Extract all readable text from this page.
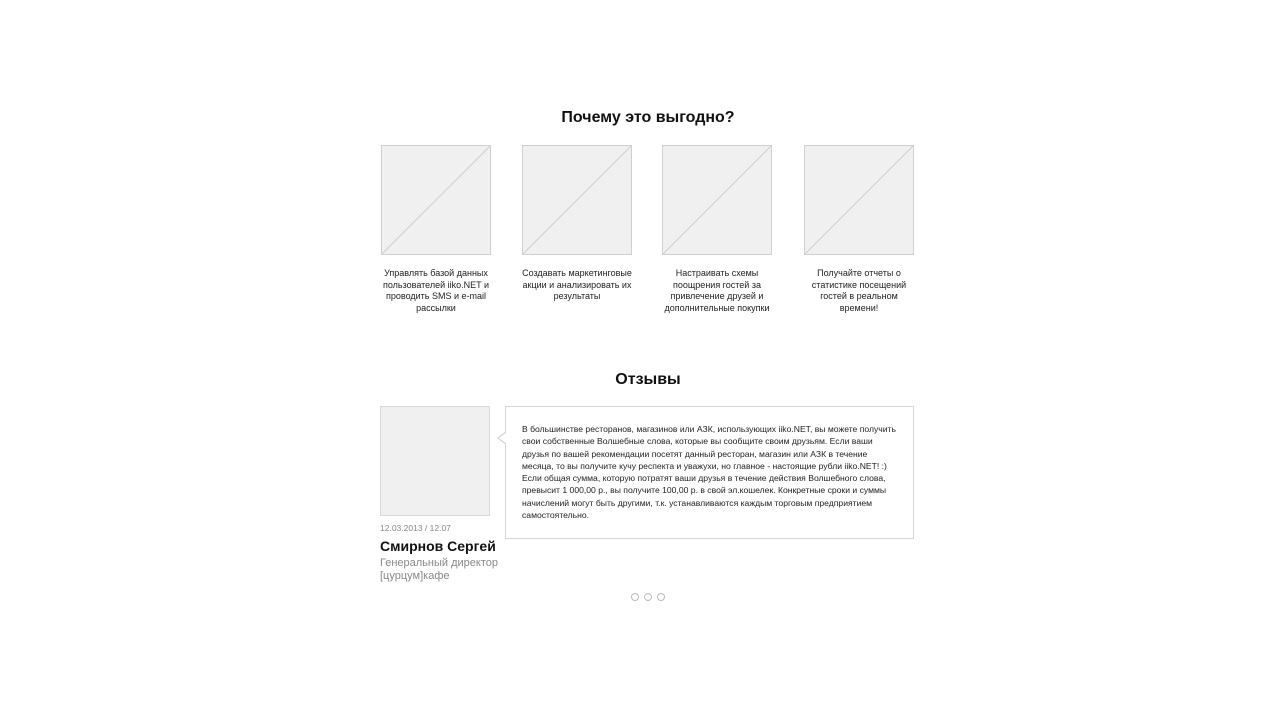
Почему это выгодно?
Управлять базой данных пользователей iiko.NET и проводить SMS и e-mail рассылки
Создавать маркетинговые акции и анализировать их результаты
Настраивать схемы поощрения гостей за привлечение друзей и дополнительные покупки
Получайте отчеты о статистике посещений гостей в реальном времени!
Отзывы
12.03.2013 / 12.07
Смирнов Сергей
Генеральный директор [цурцум]кафе

В большинстве ресторанов, магазинов или АЗК, использующих iiko.NET, вы можете получить свои собственные Волшебные слова, которые вы сообщите своим друзьям. Если ваши друзья по вашей рекомендации посетят данный ресторан, магазин или АЗК в течение месяца, то вы получите кучу респекта и уважухи, но главное - настоящие рубли iiko.NET! :) Если общая сумма, которую потратят ваши друзья в течение действия Волшебного слова, превысит 1 000,00 р., вы получите 100,00 р. в свой эл.кошелек. Конкретные сроки и суммы начислений могут быть другими, т.к. устанавливаются каждым торговым предприятием самостоятельно.
